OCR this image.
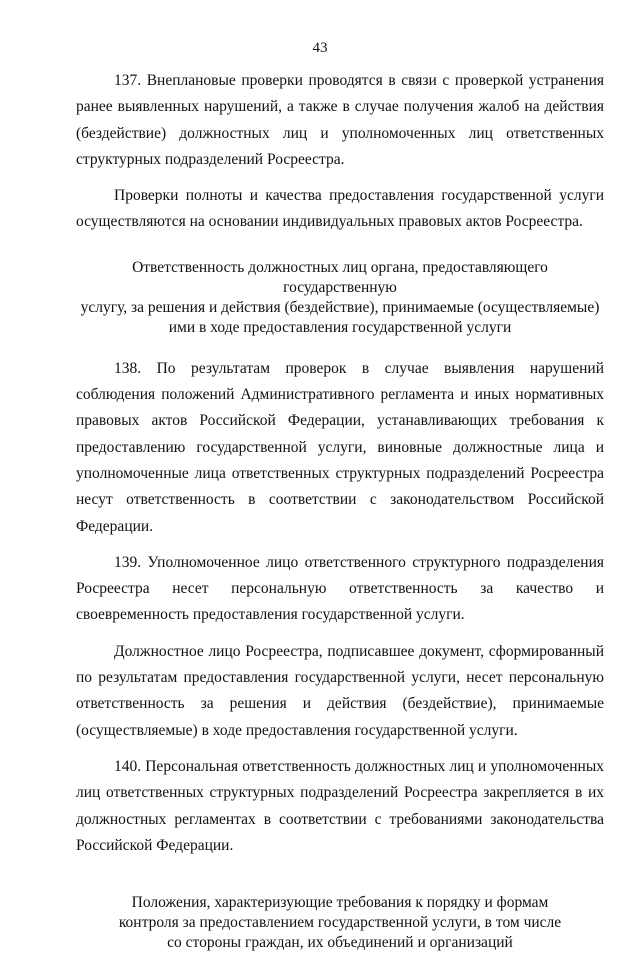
43

137. Внеплановые проверки проводятся в связи с проверкой устранения ранее выявленных нарушений, а также в случае получения жалоб на действия (бездействие) должностных лиц и уполномоченных лиц ответственных структурных подразделений Росреестра.

Проверки полноты и качества предоставления государственной услуги осуществляются на основании индивидуальных правовых актов Росреестра.

Ответственность должностных лиц органа, предоставляющего государственную
услугу, за решения и действия (бездействие), принимаемые (осуществляемые)
ими в ходе предоставления государственной услуги

138. По результатам проверок в случае выявления нарушений соблюдения положений Административного регламента и иных нормативных правовых актов Российской Федерации, устанавливающих требования к предоставлению государственной услуги, виновные должностные лица и уполномоченные лица ответственных структурных подразделений Росреестра несут ответственность в соответствии с законодательством Российской Федерации.

139. Уполномоченное лицо ответственного структурного подразделения Росреестра несет персональную ответственность за качество и своевременность предоставления государственной услуги.

Должностное лицо Росреестра, подписавшее документ, сформированный по результатам предоставления государственной услуги, несет персональную ответственность за решения и действия (бездействие), принимаемые (осуществляемые) в ходе предоставления государственной услуги.

140. Персональная ответственность должностных лиц и уполномоченных лиц ответственных структурных подразделений Росреестра закрепляется в их должностных регламентах в соответствии с требованиями законодательства Российской Федерации.

Положения, характеризующие требования к порядку и формам
контроля за предоставлением государственной услуги, в том числе
со стороны граждан, их объединений и организаций
